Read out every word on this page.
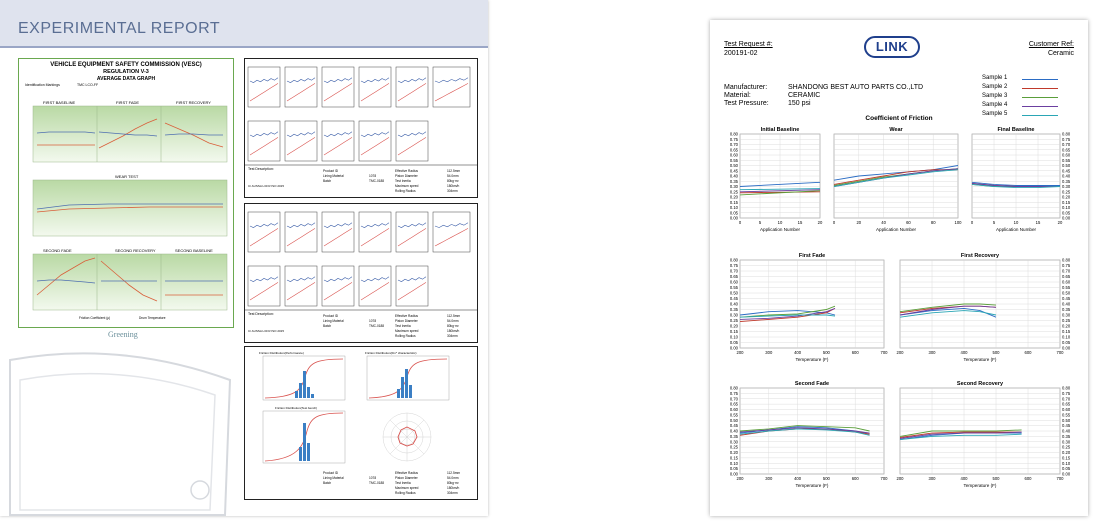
EXPERIMENTAL REPORT
VEHICLE EQUIPMENT SAFETY COMMISSION (VESC)
REGULATION V-3
AVERAGE DATA GRAPH
Identification Markings	TMC LCO-FF
FIRST BASELINE	FIRST FADE	FIRST RECOVERY
WEAR TEST
SECOND FADE	SECOND RECOVERY	SECOND BASELINE
Friction Coefficient (μ)	Drum Temperature
Greening
Test Description:
C\ AUSSA L30 R ISO 2015
Product ID	Effective Radius	112.5mm
Lining Material	1078	Piston Diameter	54.0mm
Batch	TMC-0188	Test Inertia	80kg·m²
Maximum speed	180km/h
Rolling Radius	304mm
Test Description:
C\ AUSSA L30 R ISO 2015
Product ID	Effective Radius	112.5mm
Lining Material	1078	Piston Diameter	54.0mm
Batch	TMC-0188	Test Inertia	80kg·m²
Maximum speed	180km/h
Rolling Radius	304mm
Friction Distribution(Performance)	Friction Distribution(Fin* characteristic)
Friction Distribution(Test bench)
Product ID	Effective Radius	112.5mm
Lining Material	1078	Piston Diameter	54.0mm
Batch	TMC-0188	Test Inertia	80kg·m²
Maximum speed	180km/h
Rolling Radius	304mm
Test Request #:
200191-02	LINK	Customer Ref:
Ceramic
Manufacturer:	SHANDONG BEST AUTO PARTS CO.,LTD
Material:	CERAMIC
Test Pressure:	150 psi
Sample 1
Sample 2
Sample 3
Sample 4
Sample 5
Coefficient of Friction
Initial Baseline
0.00
0.05
0.10
0.15
0.20
0.25
0.30
0.35
0.40
0.45
0.50
0.55
0.60
0.65
0.70
0.75
0.80
0	5	10	15	20
Application Number
Wear
0	20	40	60	80	100
Application Number
Final Baseline
0.00
0.05
0.10
0.15
0.20
0.25
0.30
0.35
0.40
0.45
0.50
0.55
0.60
0.65
0.70
0.75
0.80
0	5	10	15	20
Application Number
First Fade
0.00
0.05
0.10
0.15
0.20
0.25
0.30
0.35
0.40
0.45
0.50
0.55
0.60
0.65
0.70
0.75
0.80
200	300	400	500	600	700
Temperature (F)
First Recovery
0.00
0.05
0.10
0.15
0.20
0.25
0.30
0.35
0.40
0.45
0.50
0.55
0.60
0.65
0.70
0.75
0.80
200	300	400	500	600	700
Temperature (F)
Second Fade
0.00
0.05
0.10
0.15
0.20
0.25
0.30
0.35
0.40
0.45
0.50
0.55
0.60
0.65
0.70
0.75
0.80
200	300	400	500	600	700
Temperature (F)
Second Recovery
0.00
0.05
0.10
0.15
0.20
0.25
0.30
0.35
0.40
0.45
0.50
0.55
0.60
0.65
0.70
0.75
0.80
200	300	400	500	600	700
Temperature (F)
